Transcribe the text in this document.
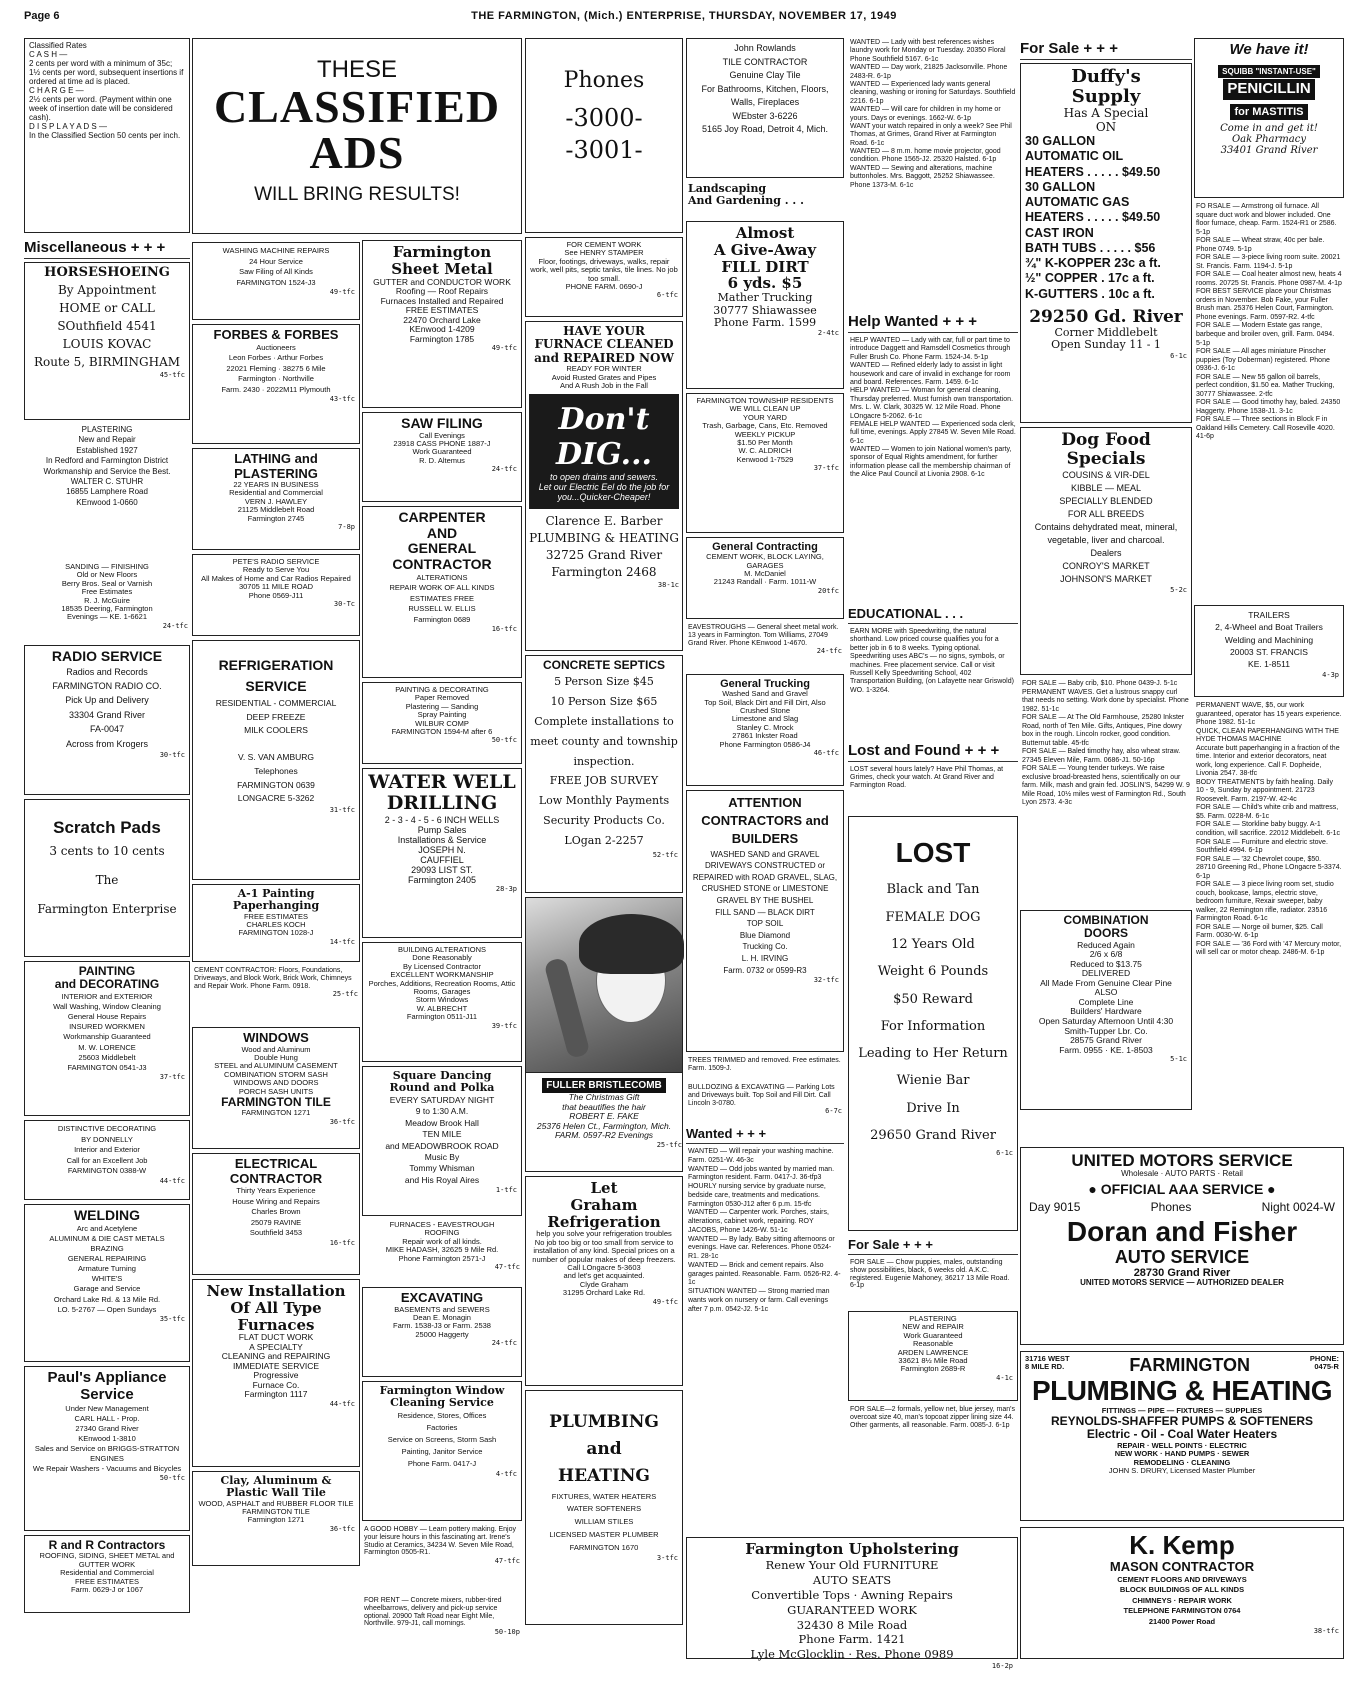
Page 6	THE FARMINGTON, (Mich.) ENTERPRISE, THURSDAY, NOVEMBER 17, 1949
Classified Rates
C A S H —
2 cents per word with a minimum of 35c; 1½ cents per word, subsequent insertions if ordered at time ad is placed.
C H A R G E —
2½ cents per word. (Payment within one week of insertion date will be considered cash).
D I S P L A Y A D S —
In the Classified Section 50 cents per inch.
Miscellaneous + + +
HORSESHOEING
By Appointment
HOME or CALL
SOuthfield 4541
LOUIS KOVAC
Route 5, BIRMINGHAM
45-tfc
PLASTERING
New and Repair
Established 1927
In Redford and Farmington District
Workmanship and Service the Best.
WALTER C. STUHR
16855 Lamphere Road
KEnwood 1-0660
SANDING — FINISHING
Old or New Floors
Berry Bros. Seal or Varnish
Free Estimates
R. J. McGuire
18535 Deering, Farmington
Evenings — KE. 1-6621
24-tfc
RADIO SERVICE
Radios and Records
FARMINGTON RADIO CO.
Pick Up and Delivery
33304 Grand River
FA-0047
Across from Krogers
30-tfc
Scratch Pads
3 cents to 10 cents
The
Farmington Enterprise
PAINTING
and DECORATING
INTERIOR and EXTERIOR
Wall Washing, Window Cleaning
General House Repairs
INSURED WORKMEN
Workmanship Guaranteed
M. W. LORENCE
25603 Middlebelt
FARMINGTON 0541-J3
37-tfc
DISTINCTIVE DECORATING
BY DONNELLY
Interior and Exterior
Call for an Excellent Job
FARMINGTON 0388-W
44-tfc
WELDING
Arc and Acetylene
ALUMINUM & DIE CAST METALS
BRAZING
GENERAL REPAIRING
Armature Turning
WHITE'S
Garage and Service
Orchard Lake Rd. & 13 Mile Rd.
LO. 5-2767 — Open Sundays
35-tfc
Paul's Appliance Service
Under New Management
CARL HALL - Prop.
27340 Grand River
KEnwood 1-3810
Sales and Service on BRIGGS-STRATTON ENGINES
We Repair Washers - Vacuums and Bicycles
50-tfc
R and R Contractors
ROOFING, SIDING, SHEET METAL and GUTTER WORK
Residential and Commercial
FREE ESTIMATES
Farm. 0629-J or 1067
WASHING MACHINE REPAIRS
24 Hour Service
Saw Filing of All Kinds
FARMINGTON 1524-J3
49-tfc
FORBES & FORBES
Auctioneers
Leon Forbes · Arthur Forbes
22021 Fleming · 38275 6 Mile
Farmington · Northville
Farm. 2430 · 2022M11 Plymouth
43-tfc
LATHING and PLASTERING
22 YEARS IN BUSINESS
Residential and Commercial
VERN J. HAWLEY
21125 Middlebelt Road
Farmington 2745
7-8p
PETE'S RADIO SERVICE
Ready to Serve You
All Makes of Home and Car Radios Repaired
30705 11 MILE ROAD
Phone 0569-J11
30-Tc
REFRIGERATION
SERVICE
RESIDENTIAL - COMMERCIAL
DEEP FREEZE
MILK COOLERS

V. S. VAN AMBURG
Telephones
FARMINGTON 0639
LONGACRE 5-3262
31-tfc
A-1 Painting
Paperhanging
FREE ESTIMATES
CHARLES KOCH
FARMINGTON 1028-J
14-tfc
CEMENT CONTRACTOR: Floors, Foundations, Driveways, and Block Work, Brick Work, Chimneys and Repair Work. Phone Farm. 0918.
25-tfc
WINDOWS
Wood and Aluminum
Double Hung
STEEL and ALUMINUM CASEMENT
COMBINATION STORM SASH
WINDOWS AND DOORS
PORCH SASH UNITS
FARMINGTON TILE
FARMINGTON 1271
36-tfc
ELECTRICAL
CONTRACTOR
Thirty Years Experience
House Wiring and Repairs
Charles Brown
25079 RAVINE
Southfield 3453
16-tfc
New Installation
Of All Type
Furnaces
FLAT DUCT WORK
A SPECIALTY
CLEANING and REPAIRING
IMMEDIATE SERVICE
Progressive
Furnace Co.
Farmington 1117
44-tfc
Clay, Aluminum &
Plastic Wall Tile
WOOD, ASPHALT and RUBBER FLOOR TILE
FARMINGTON TILE
Farmington 1271
36-tfc
THESE
CLASSIFIED
ADS
WILL BRING RESULTS!
Farmington
Sheet Metal
GUTTER and CONDUCTOR WORK
Roofing — Roof Repairs
Furnaces Installed and Repaired
FREE ESTIMATES
22470 Orchard Lake
KEnwood 1-4209
Farmington 1785
49-tfc
SAW FILING
Call Evenings
23918 CASS PHONE 1887-J
Work Guaranteed
R. D. Altemus
24-tfc
CARPENTER
AND
GENERAL
CONTRACTOR
ALTERATIONS
REPAIR WORK OF ALL KINDS
ESTIMATES FREE
RUSSELL W. ELLIS
Farmington 0689
16-tfc
PAINTING & DECORATING
Paper Removed
Plastering — Sanding
Spray Painting
WILBUR COMP
FARMINGTON 1594-M after 6
50-tfc
WATER WELL
DRILLING
2 - 3 - 4 - 5 - 6 INCH WELLS
Pump Sales
Installations & Service
JOSEPH N.
CAUFFIEL
29093 LIST ST.
Farmington 2405
28-3p
BUILDING ALTERATIONS
Done Reasonably
By Licensed Contractor
EXCELLENT WORKMANSHIP
Porches, Additions, Recreation Rooms, Attic Rooms, Garages
Storm Windows
W. ALBRECHT
Farmington 0511-J11
39-tfc
Square Dancing
Round and Polka
EVERY SATURDAY NIGHT
9 to 1:30 A.M.
Meadow Brook Hall
TEN MILE
and MEADOWBROOK ROAD
Music By
Tommy Whisman
and His Royal Aires
1-tfc
FURNACES - EAVESTROUGH
ROOFING
Repair work of all kinds.
MIKE HADASH, 32625 9 Mile Rd.
Phone Farmington 2571-J
47-tfc
EXCAVATING
BASEMENTS and SEWERS
Dean E. Monagin
Farm. 1538-J3 or Farm. 2538
25000 Haggerty
24-tfc
Farmington Window
Cleaning Service
Residence, Stores, Offices
Factories
Service on Screens, Storm Sash
Painting, Janitor Service
Phone Farm. 0417-J
4-tfc
A GOOD HOBBY — Learn pottery making. Enjoy your leisure hours in this fascinating art. Irene's Studio at Ceramics, 34234 W. Seven Mile Road, Farmington 0505-R1.
47-tfc
FOR RENT — Concrete mixers, rubber-tired wheelbarrows, delivery and pick-up service optional. 20900 Taft Road near Eight Mile, Northville. 979-J1, call mornings.
50-10p
Phones
-3000-
-3001-
FOR CEMENT WORK
See HENRY STAMPER
Floor, footings, driveways, walks, repair work, well pits, septic tanks, tile lines. No job too small.
PHONE FARM. 0690-J
6-tfc
HAVE YOUR
FURNACE CLEANED
and REPAIRED NOW
READY FOR WINTER
Avoid Rusted Grates and Pipes
And A Rush Job in the Fall
Don't DIG...
to open drains and sewers.
Let our Electric Eel do the job for you...Quicker-Cheaper!
Clarence E. Barber
PLUMBING & HEATING
32725 Grand River
Farmington 2468
38-1c
CONCRETE SEPTICS
5 Person Size $45
10 Person Size $65
Complete installations to meet county and township inspection.
FREE JOB SURVEY
Low Monthly Payments
Security Products Co.
LOgan 2-2257
52-tfc
FULLER BRISTLECOMB
The Christmas Gift
that beautifies the hair
ROBERT E. FAKE
25376 Helen Ct., Farmington, Mich.
FARM. 0597-R2 Evenings
25-tfc
Let
Graham
Refrigeration
help you solve your refrigeration troubles
No job too big or too small from service to installation of any kind. Special prices on a number of popular makes of deep freezers.
Call LOngacre 5-3603
and let's get acquainted.
Clyde Graham
31295 Orchard Lake Rd.
49-tfc
PLUMBING
and
HEATING
FIXTURES, WATER HEATERS
WATER SOFTENERS
WILLIAM STILES
LICENSED MASTER PLUMBER
FARMINGTON 1670
3-tfc
John Rowlands
TILE CONTRACTOR
Genuine Clay Tile
For Bathrooms, Kitchen, Floors, Walls, Fireplaces
WEbster 3-6226
5165 Joy Road, Detroit 4, Mich.
Landscaping
And Gardening . . .
Almost
A Give-Away
FILL DIRT
6 yds. $5
Mather Trucking
30777 Shiawassee
Phone Farm. 1599
2-4tc
FARMINGTON TOWNSHIP RESIDENTS
WE WILL CLEAN UP
YOUR YARD
Trash, Garbage, Cans, Etc. Removed
WEEKLY PICKUP
$1.50 Per Month
W. C. ALDRICH
Kenwood 1-7529
37-tfc
General Contracting
CEMENT WORK, BLOCK LAYING, GARAGES
M. McDaniel
21243 Randall · Farm. 1011-W
20tfc
EAVESTROUGHS — General sheet metal work. 13 years in Farmington. Tom Williams, 27049 Grand River. Phone KEnwood 1-4670.
24-tfc
General Trucking
Washed Sand and Gravel
Top Soil, Black Dirt and Fill Dirt, Also Crushed Stone
Limestone and Slag
Stanley C. Mrock
27861 Inkster Road
Phone Farmington 0586-J4
46-tfc
ATTENTION
CONTRACTORS and
BUILDERS
WASHED SAND and GRAVEL
DRIVEWAYS CONSTRUCTED or REPAIRED with ROAD GRAVEL, SLAG, CRUSHED STONE or LIMESTONE
GRAVEL BY THE BUSHEL
FILL SAND — BLACK DIRT
TOP SOIL
Blue Diamond
Trucking Co.
L. H. IRVING
Farm. 0732 or 0599-R3
32-tfc
TREES TRIMMED and removed. Free estimates. Farm. 1509-J.
BULLDOZING & EXCAVATING — Parking Lots and Driveways built. Top Soil and Fill Dirt. Call Lincoln 3-0780.
6-7c
Wanted + + +
WANTED — Will repair your washing machine. Farm. 0251-W. 46-3c
WANTED — Odd jobs wanted by married man. Farmington resident. Farm. 0417-J. 36-tfp3
HOURLY nursing service by graduate nurse, bedside care, treatments and medications. Farmington 0530-J12 after 6 p.m. 15-tfc
WANTED — Carpenter work. Porches, stairs, alterations, cabinet work, repairing. ROY JACOBS, Phone 1426-W. 51-1c
WANTED — By lady. Baby sitting afternoons or evenings. Have car. References. Phone 0524-R1. 28-1c
WANTED — Brick and cement repairs. Also garages painted. Reasonable. Farm. 0526-R2. 4-1c
SITUATION WANTED — Strong married man wants work on nursery or farm. Call evenings after 7 p.m. 0542-J2. 5-1c
Farmington Upholstering
Renew Your Old FURNITURE
AUTO SEATS
Convertible Tops · Awning Repairs
GUARANTEED WORK
32430 8 Mile Road
Phone Farm. 1421
Lyle McGlocklin · Res. Phone 0989
16-2p
WANTED — Lady with best references wishes laundry work for Monday or Tuesday. 20350 Floral Phone Southfield 5167. 6-1c
WANTED — Day work, 21825 Jacksonville. Phone 2483-R. 6-1p
WANTED — Experienced lady wants general cleaning, washing or ironing for Saturdays. Southfield 2216. 6-1p
WANTED — Will care for children in my home or yours. Days or evenings. 1662-W. 6-1p
WANT your watch repaired in only a week? See Phil Thomas, at Grimes, Grand River at Farmington Road. 6-1c
WANTED — 8 m.m. home movie projector, good condition. Phone 1565-J2. 25320 Halsted. 6-1p
WANTED — Sewing and alterations, machine buttonholes. Mrs. Baggott, 25252 Shiawassee. Phone 1373-M. 6-1c
Help Wanted + + +
HELP WANTED — Lady with car, full or part time to introduce Daggett and Ramsdell Cosmetics through Fuller Brush Co. Phone Farm. 1524-J4. 5-1p
WANTED — Refined elderly lady to assist in light housework and care of invalid in exchange for room and board. References. Farm. 1459. 6-1c
HELP WANTED — Woman for general cleaning, Thursday preferred. Must furnish own transportation. Mrs. L. W. Clark, 30325 W. 12 Mile Road. Phone LOngacre 5-2062. 6-1c
FEMALE HELP WANTED — Experienced soda clerk, full time, evenings. Apply 27845 W. Seven Mile Road. 6-1c
WANTED — Women to join National women's party, sponsor of Equal Rights amendment, for further information please call the membership chairman of the Alice Paul Council at Livonia 2908. 6-1c
EDUCATIONAL . . .
EARN MORE with Speedwriting, the natural shorthand. Low priced course qualifies you for a better job in 6 to 8 weeks. Typing optional. Speedwriting uses ABC's — no signs, symbols, or machines. Free placement service. Call or visit Russell Kelly Speedwriting School, 402 Transportation Building, (on Lafayette near Griswold) WO. 1-3264.
Lost and Found + + +
LOST several hours lately? Have Phil Thomas, at Grimes, check your watch. At Grand River and Farmington Road.
LOST
Black and Tan
FEMALE DOG
12 Years Old
Weight 6 Pounds
$50 Reward
For Information
Leading to Her Return
Wienie Bar
Drive In
29650 Grand River
6-1c
For Sale + + +
FOR SALE — Chow puppies, males, outstanding show possibilities, black, 6 weeks old. A.K.C. registered. Eugenie Mahoney, 36217 13 Mile Road. 6-1p
PLASTERING
NEW and REPAIR
Work Guaranteed
Reasonable
ARDEN LAWRENCE
33621 8½ Mile Road
Farmington 2689-R
4-1c
FOR SALE—2 formals, yellow net, blue jersey, man's overcoat size 40, man's topcoat zipper lining size 44. Other garments, all reasonable. Farm. 0085-J. 6-1p
For Sale + + +
Duffy's
Supply
Has A Special
ON
30 GALLON
AUTOMATIC OIL
HEATERS . . . . . $49.50
30 GALLON
AUTOMATIC GAS
HEATERS . . . . . $49.50
CAST IRON
BATH TUBS . . . . . $56
¾" K-KOPPER 23c a ft.
½" COPPER . 17c a ft.
K-GUTTERS . 10c a ft.
29250 Gd. River
Corner Middlebelt
Open Sunday 11 - 1
6-1c
Dog Food
Specials
COUSINS & VIR-DEL
KIBBLE — MEAL
SPECIALLY BLENDED
FOR ALL BREEDS
Contains dehydrated meat, mineral, vegetable, liver and charcoal.
Dealers
CONROY'S MARKET
JOHNSON'S MARKET
5-2c
FOR SALE — Baby crib, $10. Phone 0439-J. 5-1c
PERMANENT WAVES. Get a lustrous snappy curl that needs no setting. Work done by specialist. Phone 1982. 51-1c
FOR SALE — At The Old Farmhouse, 25280 Inkster Road, north of Ten Mile. Gifts, Antiques, Pine dowry box in the rough. Lincoln rocker, good condition. Butternut table. 45-tfc
FOR SALE — Baled timothy hay, also wheat straw. 27345 Eleven Mile, Farm. 0686-J1. 50-16p
FOR SALE — Young tender turkeys. We raise exclusive broad-breasted hens, scientifically on our farm. Milk, mash and grain fed. JOSLIN'S, 54299 W. 9 Mile Road, 10½ miles west of Farmington Rd., South Lyon 2573. 4-3c
COMBINATION
DOORS
Reduced Again
2/6 x 6/8
Reduced to $13.75
DELIVERED
All Made From Genuine Clear Pine
ALSO
Complete Line
Builders' Hardware
Open Saturday Afternoon Until 4:30
Smith-Tupper Lbr. Co.
28575 Grand River
Farm. 0955 · KE. 1-8503
5-1c
We have it!
SQUIBB "INSTANT-USE" PENICILLIN for MASTITIS
Come in and get it!
Oak Pharmacy
33401 Grand River
FO RSALE — Armstrong oil furnace. All square duct work and blower included. One floor furnace, cheap. Farm. 1524-R1 or 2586. 5-1p
FOR SALE — Wheat straw, 40c per bale. Phone 0749. 5-1p
FOR SALE — 3-piece living room suite. 20021 St. Francis. Farm. 1194-J. 5-1p
FOR SALE — Coal heater almost new, heats 4 rooms. 20725 St. Francis. Phone 0987-M. 4-1p
FOR BEST SERVICE place your Christmas orders in November. Bob Fake, your Fuller Brush man. 25376 Helen Court, Farmington. Phone evenings. Farm. 0597-R2. 4-tfc
FOR SALE — Modern Estate gas range, barbeque and broiler oven, grill. Farm. 0494. 5-1p
FOR SALE — All ages miniature Pinscher puppies (Toy Doberman) registered. Phone 0936-J. 6-1c
FOR SALE — New 55 gallon oil barrels, perfect condition, $1.50 ea. Mather Trucking, 30777 Shiawassee. 2-tfc
FOR SALE — Good timothy hay, baled. 24350 Haggerty. Phone 1538-J1. 3-1c
FOR SALE — Three sections in Block F in Oakland Hills Cemetery. Call Roseville 4020. 41-6p
TRAILERS
2, 4-Wheel and Boat Trailers
Welding and Machining
20003 ST. FRANCIS
KE. 1-8511
4-3p
PERMANENT WAVE, $5, our work guaranteed, operator has 15 years experience. Phone 1982. 51-1c
QUICK, CLEAN PAPERHANGING WITH THE HYDE THOMAS MACHINE
Accurate butt paperhanging in a fraction of the time. Interior and exterior decorators, neat work, long experience. Call F. Dopheide, Livonia 2547. 38-tfc
BODY TREATMENTS by faith healing. Daily 10 - 9, Sunday by appointment. 21723 Roosevelt. Farm. 2197-W. 42-4c
FOR SALE — Child's white crib and mattress, $5. Farm. 0228-M. 6-1c
FOR SALE — Storkline baby buggy. A-1 condition, will sacrifice. 22012 Middlebelt. 6-1c
FOR SALE — Furniture and electric stove. Southfield 4994. 6-1p
FOR SALE — '32 Chevrolet coupe, $50. 28710 Greening Rd., Phone LOngacre 5-3374. 6-1p
FOR SALE — 3 piece living room set, studio couch, bookcase, lamps, electric stove, bedroom furniture, Rexair sweeper, baby walker, 22 Remington rifle, radiator. 23516 Farmington Road. 6-1c
FOR SALE — Norge oil burner, $25. Call Farm. 0030-W. 6-1p
FOR SALE — '36 Ford with '47 Mercury motor, will sell car or motor cheap. 2486-M. 6-1p
UNITED MOTORS SERVICE
Wholesale · AUTO PARTS · Retail
● OFFICIAL AAA SERVICE ●
Day 9015	Phones	Night 0024-W
Doran and Fisher
AUTO SERVICE
28730 Grand River
UNITED MOTORS SERVICE — AUTHORIZED DEALER
31716 WEST
8 MILE RD.	FARMINGTON	PHONE:
0475-R
PLUMBING & HEATING
FITTINGS — PIPE — FIXTURES — SUPPLIES
REYNOLDS-SHAFFER PUMPS & SOFTENERS
Electric - Oil - Coal Water Heaters
REPAIR · WELL POINTS · ELECTRIC
NEW WORK · HAND PUMPS · SEWER
REMODELING · CLEANING
JOHN S. DRURY, Licensed Master Plumber
K. Kemp
MASON CONTRACTOR
CEMENT FLOORS AND DRIVEWAYS
BLOCK BUILDINGS OF ALL KINDS
CHIMNEYS · REPAIR WORK
TELEPHONE FARMINGTON 0764
21400 Power Road
38-tfc
